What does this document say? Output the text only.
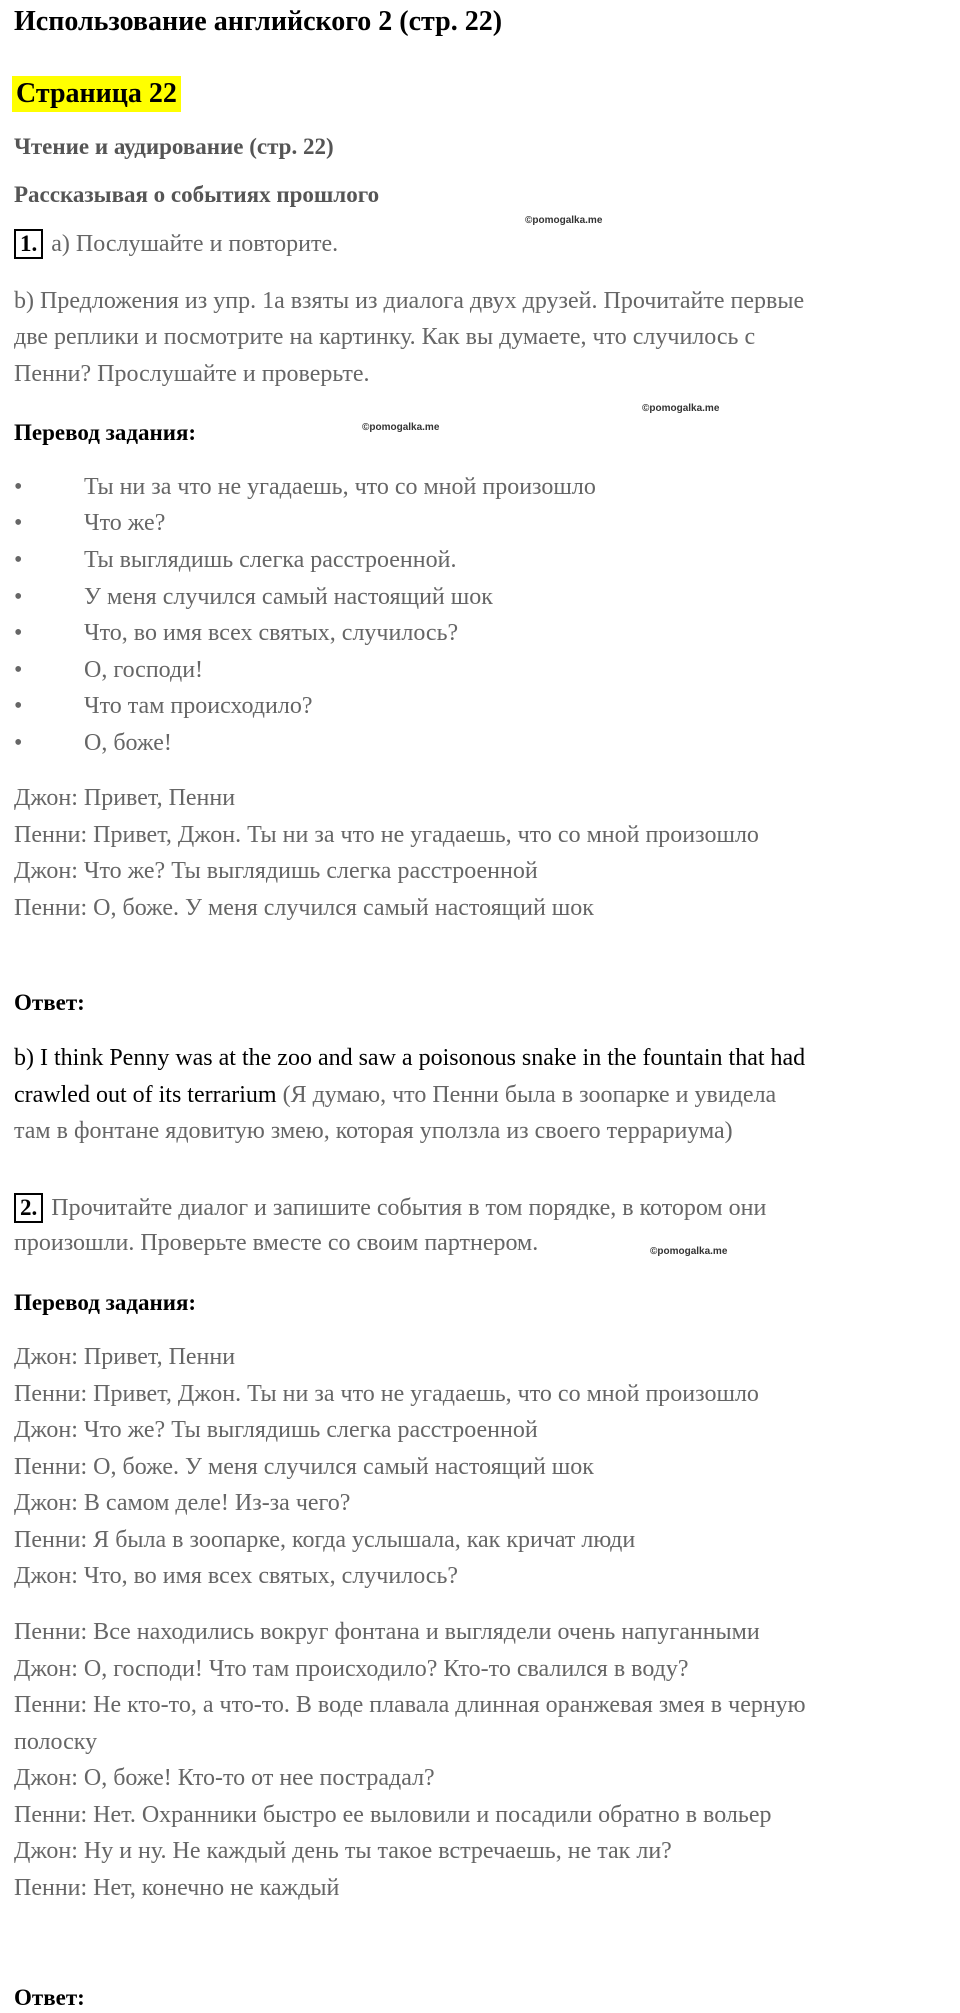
Использование английского 2 (стр. 22)
Страница 22
Чтение и аудирование (стр. 22)
Рассказывая о событиях прошлого
©pomogalka.me
1. a) Послушайте и повторите.
b) Предложения из упр. 1a взяты из диалога двух друзей. Прочитайте первые
две реплики и посмотрите на картинку. Как вы думаете, что случилось с
Пенни? Прослушайте и проверьте.
©pomogalka.me
Перевод задания:	©pomogalka.me
•	Ты ни за что не угадаешь, что со мной произошло
•	Что же?
•	Ты выглядишь слегка расстроенной.
•	У меня случился самый настоящий шок
•	Что, во имя всех святых, случилось?
•	О, господи!
•	Что там происходило?
•	О, боже!
Джон: Привет, Пенни
Пенни: Привет, Джон. Ты ни за что не угадаешь, что со мной произошло
Джон: Что же? Ты выглядишь слегка расстроенной
Пенни: О, боже. У меня случился самый настоящий шок
Ответ:
b) I think Penny was at the zoo and saw a poisonous snake in the fountain that had
crawled out of its terrarium (Я думаю, что Пенни была в зоопарке и увидела
там в фонтане ядовитую змею, которая уползла из своего террариума)
2. Прочитайте диалог и запишите события в том порядке, в котором они
произошли. Проверьте вместе со своим партнером.	©pomogalka.me
Перевод задания:
Джон: Привет, Пенни
Пенни: Привет, Джон. Ты ни за что не угадаешь, что со мной произошло
Джон: Что же? Ты выглядишь слегка расстроенной
Пенни: О, боже. У меня случился самый настоящий шок
Джон: В самом деле! Из-за чего?
Пенни: Я была в зоопарке, когда услышала, как кричат люди
Джон: Что, во имя всех святых, случилось?
Пенни: Все находились вокруг фонтана и выглядели очень напуганными
Джон: О, господи! Что там происходило? Кто-то свалился в воду?
Пенни: Не кто-то, а что-то. В воде плавала длинная оранжевая змея в черную
полоску
Джон: О, боже! Кто-то от нее пострадал?
Пенни: Нет. Охранники быстро ее выловили и посадили обратно в вольер
Джон: Ну и ну. Не каждый день ты такое встречаешь, не так ли?
Пенни: Нет, конечно не каждый
Ответ:
